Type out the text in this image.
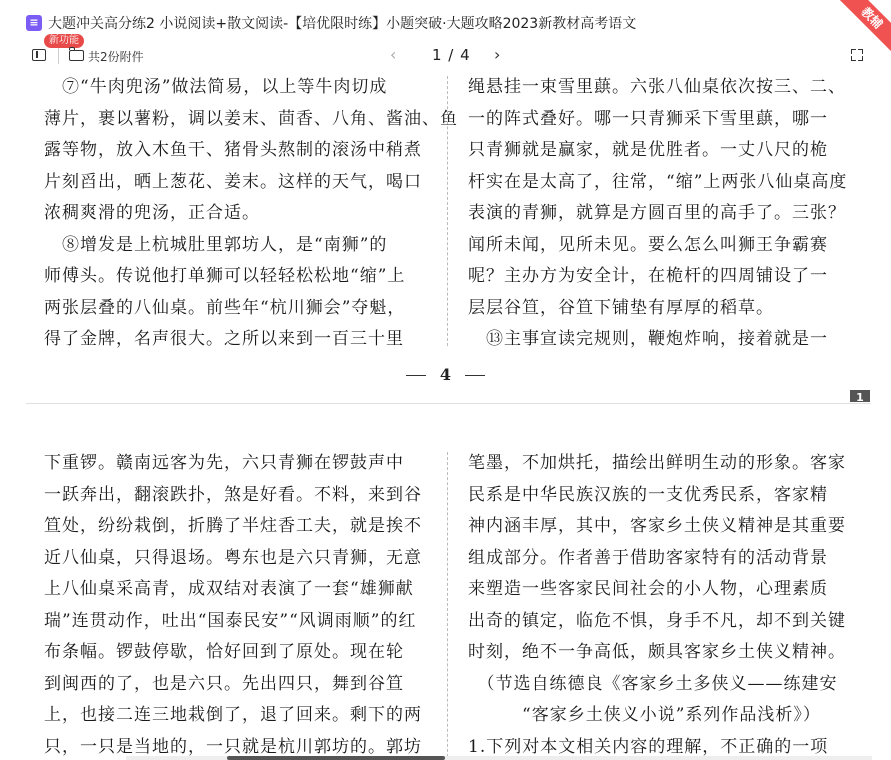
≡ 大题冲关高分练2 小说阅读+散文阅读-【培优限时练】小题突破·大题攻略2023新教材高考语文
新功能
教辅
共2份附件	‹ 1 / 4 ›

　⑦“牛肉兜汤”做法简易，以上等牛肉切成

薄片，裹以薯粉，调以姜末、茴香、八角、酱油、鱼

露等物，放入木鱼干、猪骨头熬制的滚汤中稍煮

片刻舀出，晒上葱花、姜末。这样的天气，喝口

浓稠爽滑的兜汤，正合适。

　⑧增发是上杭城肚里郭坊人，是“南狮”的

师傅头。传说他打单狮可以轻轻松松地“缩”上

两张层叠的八仙桌。前些年“杭川狮会”夺魁，

得了金牌，名声很大。之所以来到一百三十里

绳悬挂一束雪里蕻。六张八仙桌依次按三、二、

一的阵式叠好。哪一只青狮采下雪里蕻，哪一

只青狮就是赢家，就是优胜者。一丈八尺的桅

杆实在是太高了，往常，“缩”上两张八仙桌高度

表演的青狮，就算是方圆百里的高手了。三张？

闻所未闻，见所未见。要么怎么叫狮王争霸赛

呢？主办方为安全计，在桅杆的四周铺设了一

层层谷笪，谷笪下铺垫有厚厚的稻草。

　⑬主事宣读完规则，鞭炮炸响，接着就是一

4
1

下重锣。赣南远客为先，六只青狮在锣鼓声中

一跃奔出，翻滚跌扑，煞是好看。不料，来到谷

笪处，纷纷栽倒，折腾了半炷香工夫，就是挨不

近八仙桌，只得退场。粤东也是六只青狮，无意

上八仙桌采高青，成双结对表演了一套“雄狮献

瑞”连贯动作，吐出“国泰民安”“风调雨顺”的红

布条幅。锣鼓停歇，恰好回到了原处。现在轮

到闽西的了，也是六只。先出四只，舞到谷笪

上，也接二连三地栽倒了，退了回来。剩下的两

只，一只是当地的，一只就是杭川郭坊的。郭坊

笔墨，不加烘托，描绘出鲜明生动的形象。客家

民系是中华民族汉族的一支优秀民系，客家精

神内涵丰厚，其中，客家乡土侠义精神是其重要

组成部分。作者善于借助客家特有的活动背景

来塑造一些客家民间社会的小人物，心理素质

出奇的镇定，临危不惧，身手不凡，却不到关键

时刻，绝不一争高低，颇具客家乡土侠义精神。

　（节选自练德良《客家乡土多侠义——练建安

　　　“客家乡土侠义小说”系列作品浅析》）

1.下列对本文相关内容的理解，不正确的一项
